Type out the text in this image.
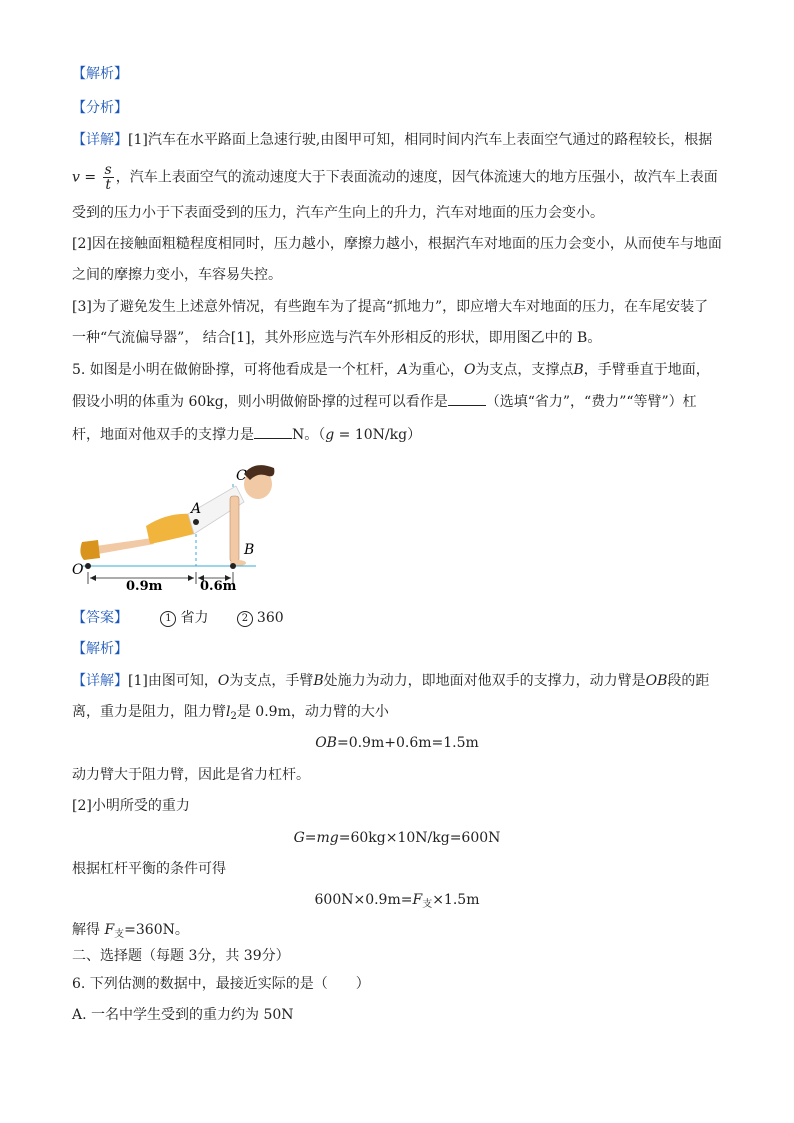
【解析】
【分析】
【详解】[1]汽车在水平路面上急速行驶,由图甲可知，相同时间内汽车上表面空气通过的路程较长，根据
$v = \frac{s}{t}$ ，汽车上表面空气的流动速度大于下表面流动的速度，因气体流速大的地方压强小，故汽车上表面
受到的压力小于下表面受到的压力，汽车产生向上的升力，汽车对地面的压力会变小。
[2]因在接触面粗糙程度相同时，压力越小，摩擦力越小，根据汽车对地面的压力会变小，从而使车与地面
之间的摩擦力变小，车容易失控。
[3]为了避免发生上述意外情况，有些跑车为了提高“抓地力”，即应增大车对地面的压力，在车尾安装了
一种“气流偏导器”， 结合[1]，其外形应选与汽车外形相反的形状，即用图乙中的 B。
5. 如图是小明在做俯卧撑，可将他看成是一个杠杆，A为重心，O为支点，支撑点B，手臂垂直于地面，
假设小明的体重为 60kg，则小明做俯卧撑的过程可以看作是	（选填“省力”，“费力”“等臂”）杠
杆，地面对他双手的支撑力是	N。（g = 10N/kg）
C
A
B
O
0.9m	0.6m
【答案】	1 省力	2 360
【解析】
【详解】[1]由图可知，O为支点，手臂B处施力为动力，即地面对他双手的支撑力，动力臂是OB段的距
离，重力是阻力，阻力臂$l_2$是 0.9m，动力臂的大小
OB=0.9m+0.6m=1.5m
动力臂大于阻力臂，因此是省力杠杆。
[2]小明所受的重力
G=mg=60kg×10N/kg=600N
根据杠杆平衡的条件可得
$600N\times 0.9m=F_支\times 1.5m$
解得 $F_支=360N$。
二、选择题（每题 3分，共 39分）
6. 下列估测的数据中，最接近实际的是（　　）
A. 一名中学生受到的重力约为 50N
